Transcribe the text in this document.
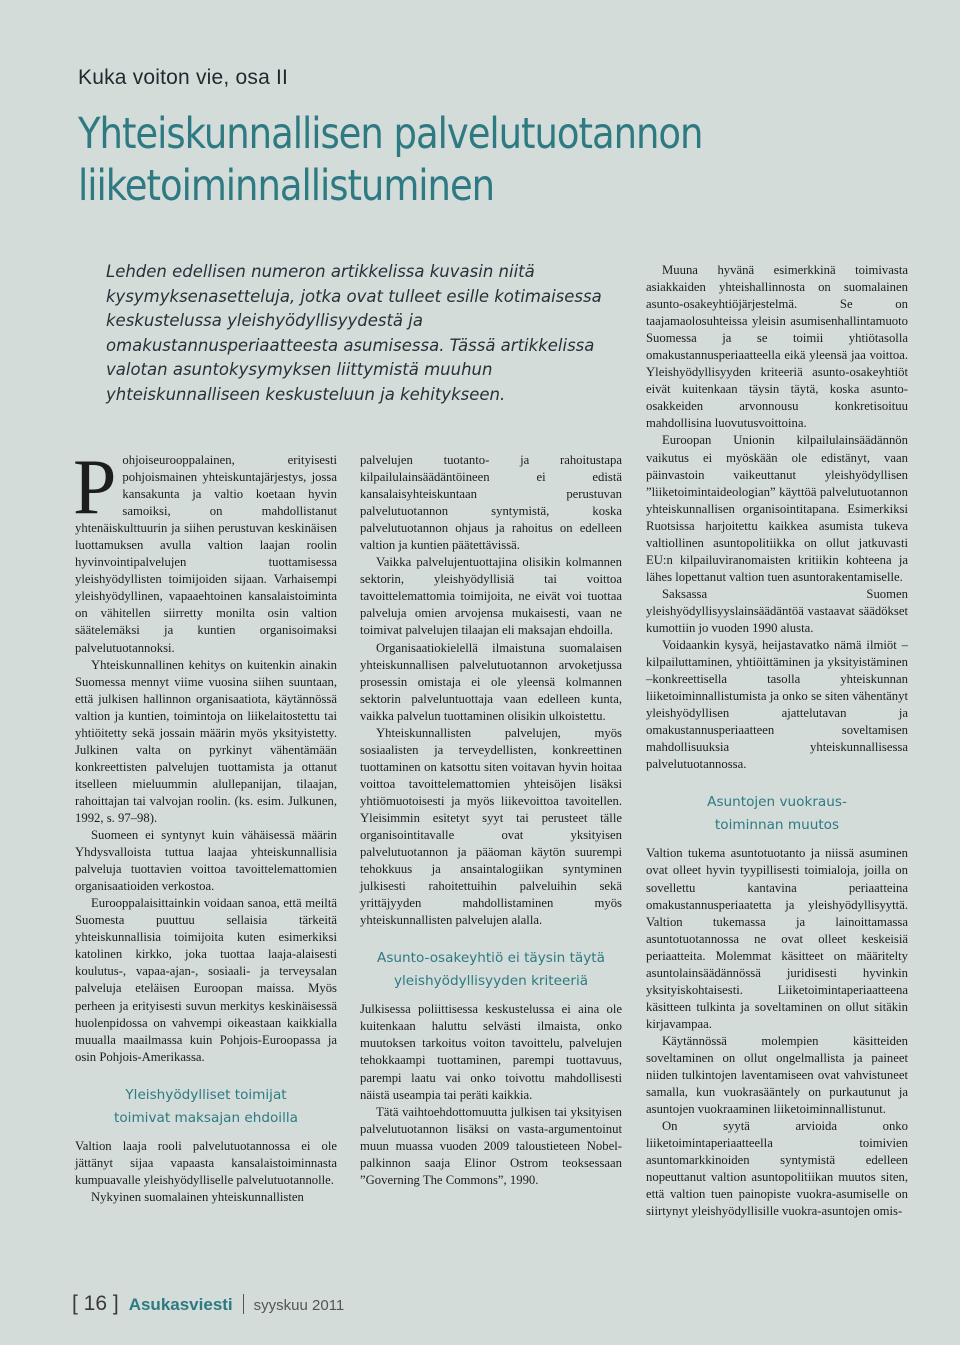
Kuka voiton vie, osa II
Yhteiskunnallisen palvelutuotannon
liiketoiminnallistuminen
Lehden edellisen numeron artikkelissa kuvasin niitä kysymyksenasetteluja, jotka ovat tulleet esille kotimaisessa keskustelussa yleishyödyllisyydestä ja omakustannusperiaatteesta asumisessa. Tässä artikkelissa valotan asuntokysymyksen liittymistä muuhun yhteiskunnalliseen keskusteluun ja kehitykseen.

Pohjoiseurooppalainen, erityisesti pohjoismainen yhteiskuntajärjestys, jossa kansakunta ja valtio koetaan hyvin samoiksi, on mahdollistanut yhtenäiskulttuurin ja siihen perustuvan keskinäisen luottamuksen avulla valtion laajan roolin hyvinvointipalvelujen tuottamisessa yleishyödyllisten toimijoiden sijaan. Varhaisempi yleishyödyllinen, vapaaehtoinen kansalaistoiminta on vähitellen siirretty monilta osin valtion säätelemäksi ja kuntien organisoimaksi palvelutuotannoksi.

Yhteiskunnallinen kehitys on kuitenkin ainakin Suomessa mennyt viime vuosina siihen suuntaan, että julkisen hallinnon organisaatiota, käytännössä valtion ja kuntien, toimintoja on liikelaitostettu tai yhtiöitetty sekä jossain määrin myös yksityistetty. Julkinen valta on pyrkinyt vähentämään konkreettisten palvelujen tuottamista ja ottanut itselleen mieluummin alullepanijan, tilaajan, rahoittajan tai valvojan roolin. (ks. esim. Julkunen, 1992, s. 97–98).

Suomeen ei syntynyt kuin vähäisessä määrin Yhdysvalloista tuttua laajaa yhteiskunnallisia palveluja tuottavien voittoa tavoittelemattomien organisaatioiden verkostoa.

Eurooppalaisittainkin voidaan sanoa, että meiltä Suomesta puuttuu sellaisia tärkeitä yhteiskunnallisia toimijoita kuten esimerkiksi katolinen kirkko, joka tuottaa laaja-alaisesti koulutus-, vapaa-ajan-, sosiaali- ja terveysalan palveluja eteläisen Euroopan maissa. Myös perheen ja erityisesti suvun merkitys keskinäisessä huolenpidossa on vahvempi oikeastaan kaikkialla muualla maailmassa kuin Pohjois-Euroopassa ja osin Pohjois-Amerikassa.

Yleishyödylliset toimijat
toimivat maksajan ehdoilla

Valtion laaja rooli palvelutuotannossa ei ole jättänyt sijaa vapaasta kansalaistoiminnasta kumpuavalle yleishyödylliselle palvelutuotannolle.

Nykyinen suomalainen yhteiskunnallisten

palvelujen tuotanto- ja rahoitustapa kilpailulainsäädäntöineen ei edistä kansalaisyhteiskuntaan perustuvan palvelutuotannon syntymistä, koska palvelutuotannon ohjaus ja rahoitus on edelleen valtion ja kuntien päätettävissä.

Vaikka palvelujentuottajina olisikin kolmannen sektorin, yleishyödyllisiä tai voittoa tavoittelemattomia toimijoita, ne eivät voi tuottaa palveluja omien arvojensa mukaisesti, vaan ne toimivat palvelujen tilaajan eli maksajan ehdoilla.

Organisaatiokielellä ilmaistuna suomalaisen yhteiskunnallisen palvelutuotannon arvoketjussa prosessin omistaja ei ole yleensä kolmannen sektorin palveluntuottaja vaan edelleen kunta, vaikka palvelun tuottaminen olisikin ulkoistettu.

Yhteiskunnallisten palvelujen, myös sosiaalisten ja terveydellisten, konkreettinen tuottaminen on katsottu siten voitavan hyvin hoitaa voittoa tavoittelemattomien yhteisöjen lisäksi yhtiömuotoisesti ja myös liikevoittoa tavoitellen. Yleisimmin esitetyt syyt tai perusteet tälle organisointitavalle ovat yksityisen palvelutuotannon ja pääoman käytön suurempi tehokkuus ja ansaintalogiikan syntyminen julkisesti rahoitettuihin palveluihin sekä yrittäjyyden mahdollistaminen myös yhteiskunnallisten palvelujen alalla.

Asunto-osakeyhtiö ei täysin täytä
yleishyödyllisyyden kriteeriä

Julkisessa poliittisessa keskustelussa ei aina ole kuitenkaan haluttu selvästi ilmaista, onko muutoksen tarkoitus voiton tavoittelu, palvelujen tehokkaampi tuottaminen, parempi tuottavuus, parempi laatu vai onko toivottu mahdollisesti näistä useampia tai peräti kaikkia.

Tätä vaihtoehdottomuutta julkisen tai yksityisen palvelutuotannon lisäksi on vasta-argumentoinut muun muassa vuoden 2009 taloustieteen Nobel-palkinnon saaja Elinor Ostrom teoksessaan ”Governing The Commons”, 1990.

Muuna hyvänä esimerkkinä toimivasta asiakkaiden yhteishallinnosta on suomalainen asunto-osakeyhtiöjärjestelmä. Se on taajamaolosuhteissa yleisin asumisenhallintamuoto Suomessa ja se toimii yhtiötasolla omakustannusperiaatteella eikä yleensä jaa voittoa. Yleishyödyllisyyden kriteeriä asunto-osakeyhtiöt eivät kuitenkaan täysin täytä, koska asunto-osakkeiden arvonnousu konkretisoituu mahdollisina luovutusvoittoina.

Euroopan Unionin kilpailulainsäädännön vaikutus ei myöskään ole edistänyt, vaan päinvastoin vaikeuttanut yleishyödyllisen ”liiketoimintaideologian” käyttöä palvelutuotannon yhteiskunnallisen organisointitapana. Esimerkiksi Ruotsissa harjoitettu kaikkea asumista tukeva valtiollinen asuntopolitiikka on ollut jatkuvasti EU:n kilpailuviranomaisten kritiikin kohteena ja lähes lopettanut valtion tuen asuntorakentamiselle.

Saksassa Suomen yleishyödyllisyyslainsäädäntöä vastaavat säädökset kumottiin jo vuoden 1990 alusta.

Voidaankin kysyä, heijastavatko nämä ilmiöt – kilpailuttaminen, yhtiöittäminen ja yksityistäminen –konkreettisella tasolla yhteiskunnan liiketoiminnallistumista ja onko se siten vähentänyt yleishyödyllisen ajattelutavan ja omakustannusperiaatteen soveltamisen mahdollisuuksia yhteiskunnallisessa palvelutuotannossa.

Asuntojen vuokraus-
toiminnan muutos

Valtion tukema asuntotuotanto ja niissä asuminen ovat olleet hyvin tyypillisesti toimialoja, joilla on sovellettu kantavina periaatteina omakustannusperiaatetta ja yleishyödyllisyyttä. Valtion tukemassa ja lainoittamassa asuntotuotannossa ne ovat olleet keskeisiä periaatteita. Molemmat käsitteet on määritelty asuntolainsäädännössä juridisesti hyvinkin yksityiskohtaisesti. Liiketoimintaperiaatteena käsitteen tulkinta ja soveltaminen on ollut sitäkin kirjavampaa.

Käytännössä molempien käsitteiden soveltaminen on ollut ongelmallista ja paineet niiden tulkintojen laventamiseen ovat vahvistuneet samalla, kun vuokrasääntely on purkautunut ja asuntojen vuokraaminen liiketoiminnallistunut.

On syytä arvioida onko liiketoimintaperiaatteella toimivien asuntomarkkinoiden syntymistä edelleen nopeuttanut valtion asuntopolitiikan muutos siten, että valtion tuen painopiste vuokra-asumiselle on siirtynyt yleishyödyllisille vuokra-asuntojen omis-

[ 16 ] Asukasviesti syyskuu 2011
